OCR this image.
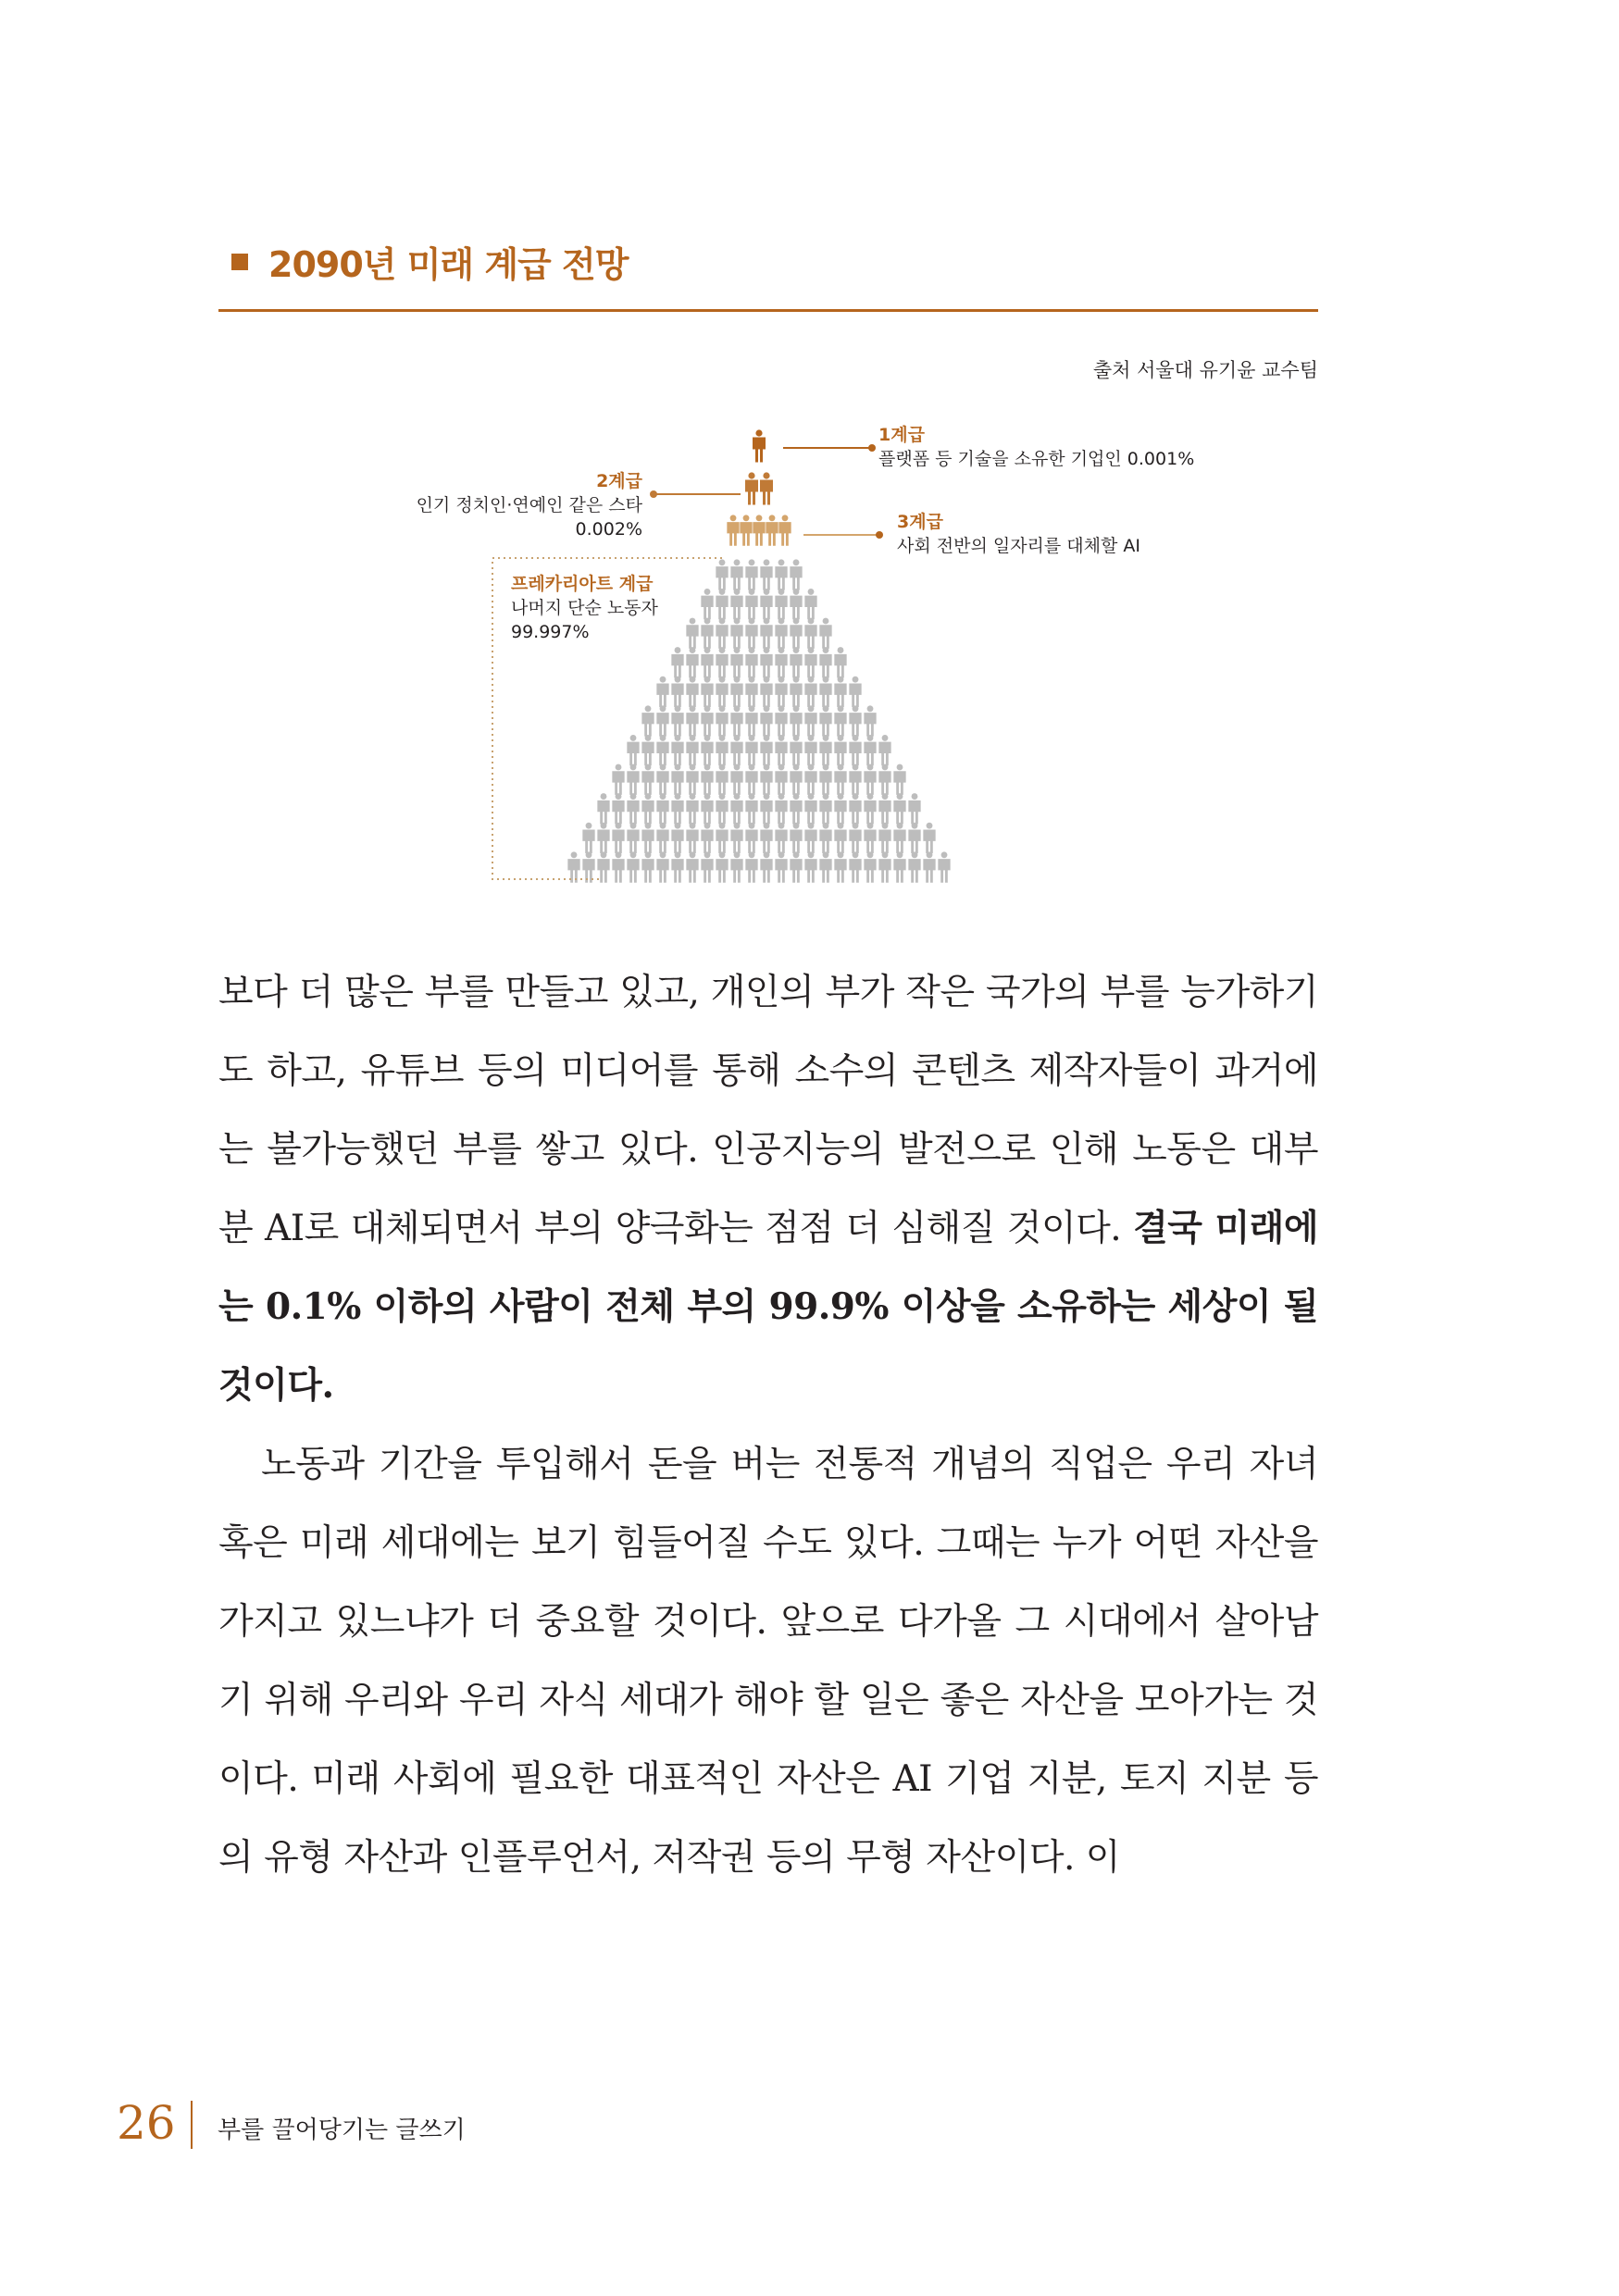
2090년 미래 계급 전망
출처 서울대 유기윤 교수팀
1계급
플랫폼 등 기술을 소유한 기업인 0.001%
2계급
인기 정치인·연예인 같은 스타 0.002%	3계급
사회 전반의 일자리를 대체할 AI
프레카리아트 계급
나머지 단순 노동자
99.997%

보다 더 많은 부를 만들고 있고, 개인의 부가 작은 국가의 부를 능가하기도 하고, 유튜브 등의 미디어를 통해 소수의 콘텐츠 제작자들이 과거에는 불가능했던 부를 쌓고 있다. 인공지능의 발전으로 인해 노동은 대부분 AI로 대체되면서 부의 양극화는 점점 더 심해질 것이다. 결국 미래에는 0.1% 이하의 사람이 전체 부의 99.9% 이상을 소유하는 세상이 될 것이다.

노동과 기간을 투입해서 돈을 버는 전통적 개념의 직업은 우리 자녀 혹은 미래 세대에는 보기 힘들어질 수도 있다. 그때는 누가 어떤 자산을 가지고 있느냐가 더 중요할 것이다. 앞으로 다가올 그 시대에서 살아남기 위해 우리와 우리 자식 세대가 해야 할 일은 좋은 자산을 모아가는 것이다. 미래 사회에 필요한 대표적인 자산은 AI 기업 지분, 토지 지분 등의 유형 자산과 인플루언서, 저작권 등의 무형 자산이다. 이

26 부를 끌어당기는 글쓰기
